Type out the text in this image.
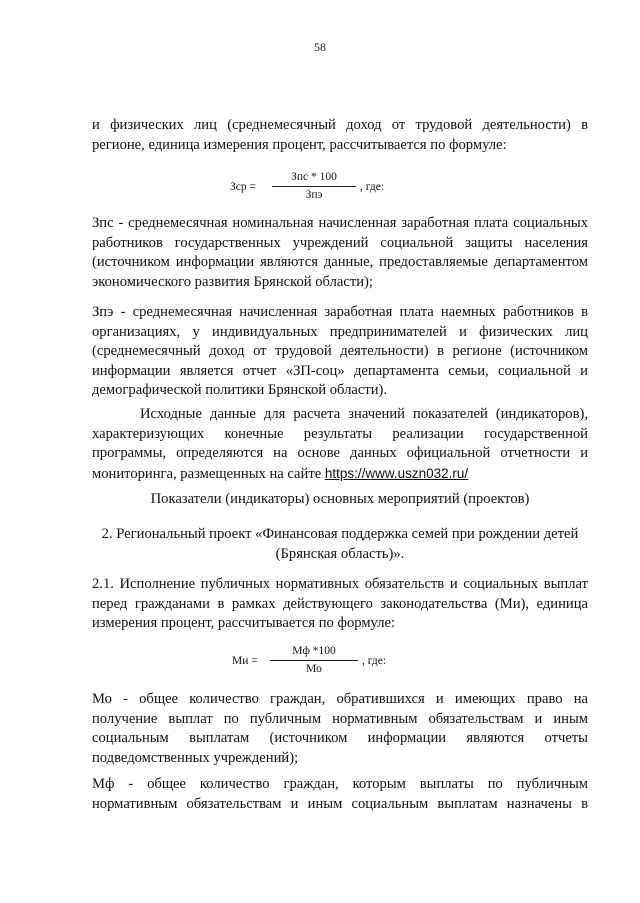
58

и физических лиц (среднемесячный доход от трудовой деятельности) в регионе, единица измерения процент, рассчитывается по формуле:

Зср =
Зпс * 100
Зпэ
, где:

Зпс - среднемесячная номинальная начисленная заработная плата социальных работников государственных учреждений социальной защиты населения (источником информации являются данные, предоставляемые департаментом экономического развития Брянской области);

Зпэ - среднемесячная начисленная заработная плата наемных работников в организациях, у индивидуальных предпринимателей и физических лиц (среднемесячный доход от трудовой деятельности) в регионе (источником информации является отчет «ЗП-соц» департамента семьи, социальной и демографической политики Брянской области).

Исходные данные для расчета значений показателей (индикаторов), характеризующих конечные результаты реализации государственной программы, определяются на основе данных официальной отчетности и мониторинга, размещенных на сайте https://www.uszn032.ru/

Показатели (индикаторы) основных мероприятий (проектов)

2. Региональный проект «Финансовая поддержка семей при рождении детей
(Брянская область)».

2.1. Исполнение публичных нормативных обязательств и социальных выплат перед гражданами в рамках действующего законодательства (Ми), единица измерения процент, рассчитывается по формуле:

Ми =
Мф *100
Мо
, где:

Мо - общее количество граждан, обратившихся и имеющих право на получение выплат по публичным нормативным обязательствам и иным социальным выплатам (источником информации являются отчеты подведомственных учреждений);

Мф - общее количество граждан, которым выплаты по публичным нормативным обязательствам и иным социальным выплатам назначены в
